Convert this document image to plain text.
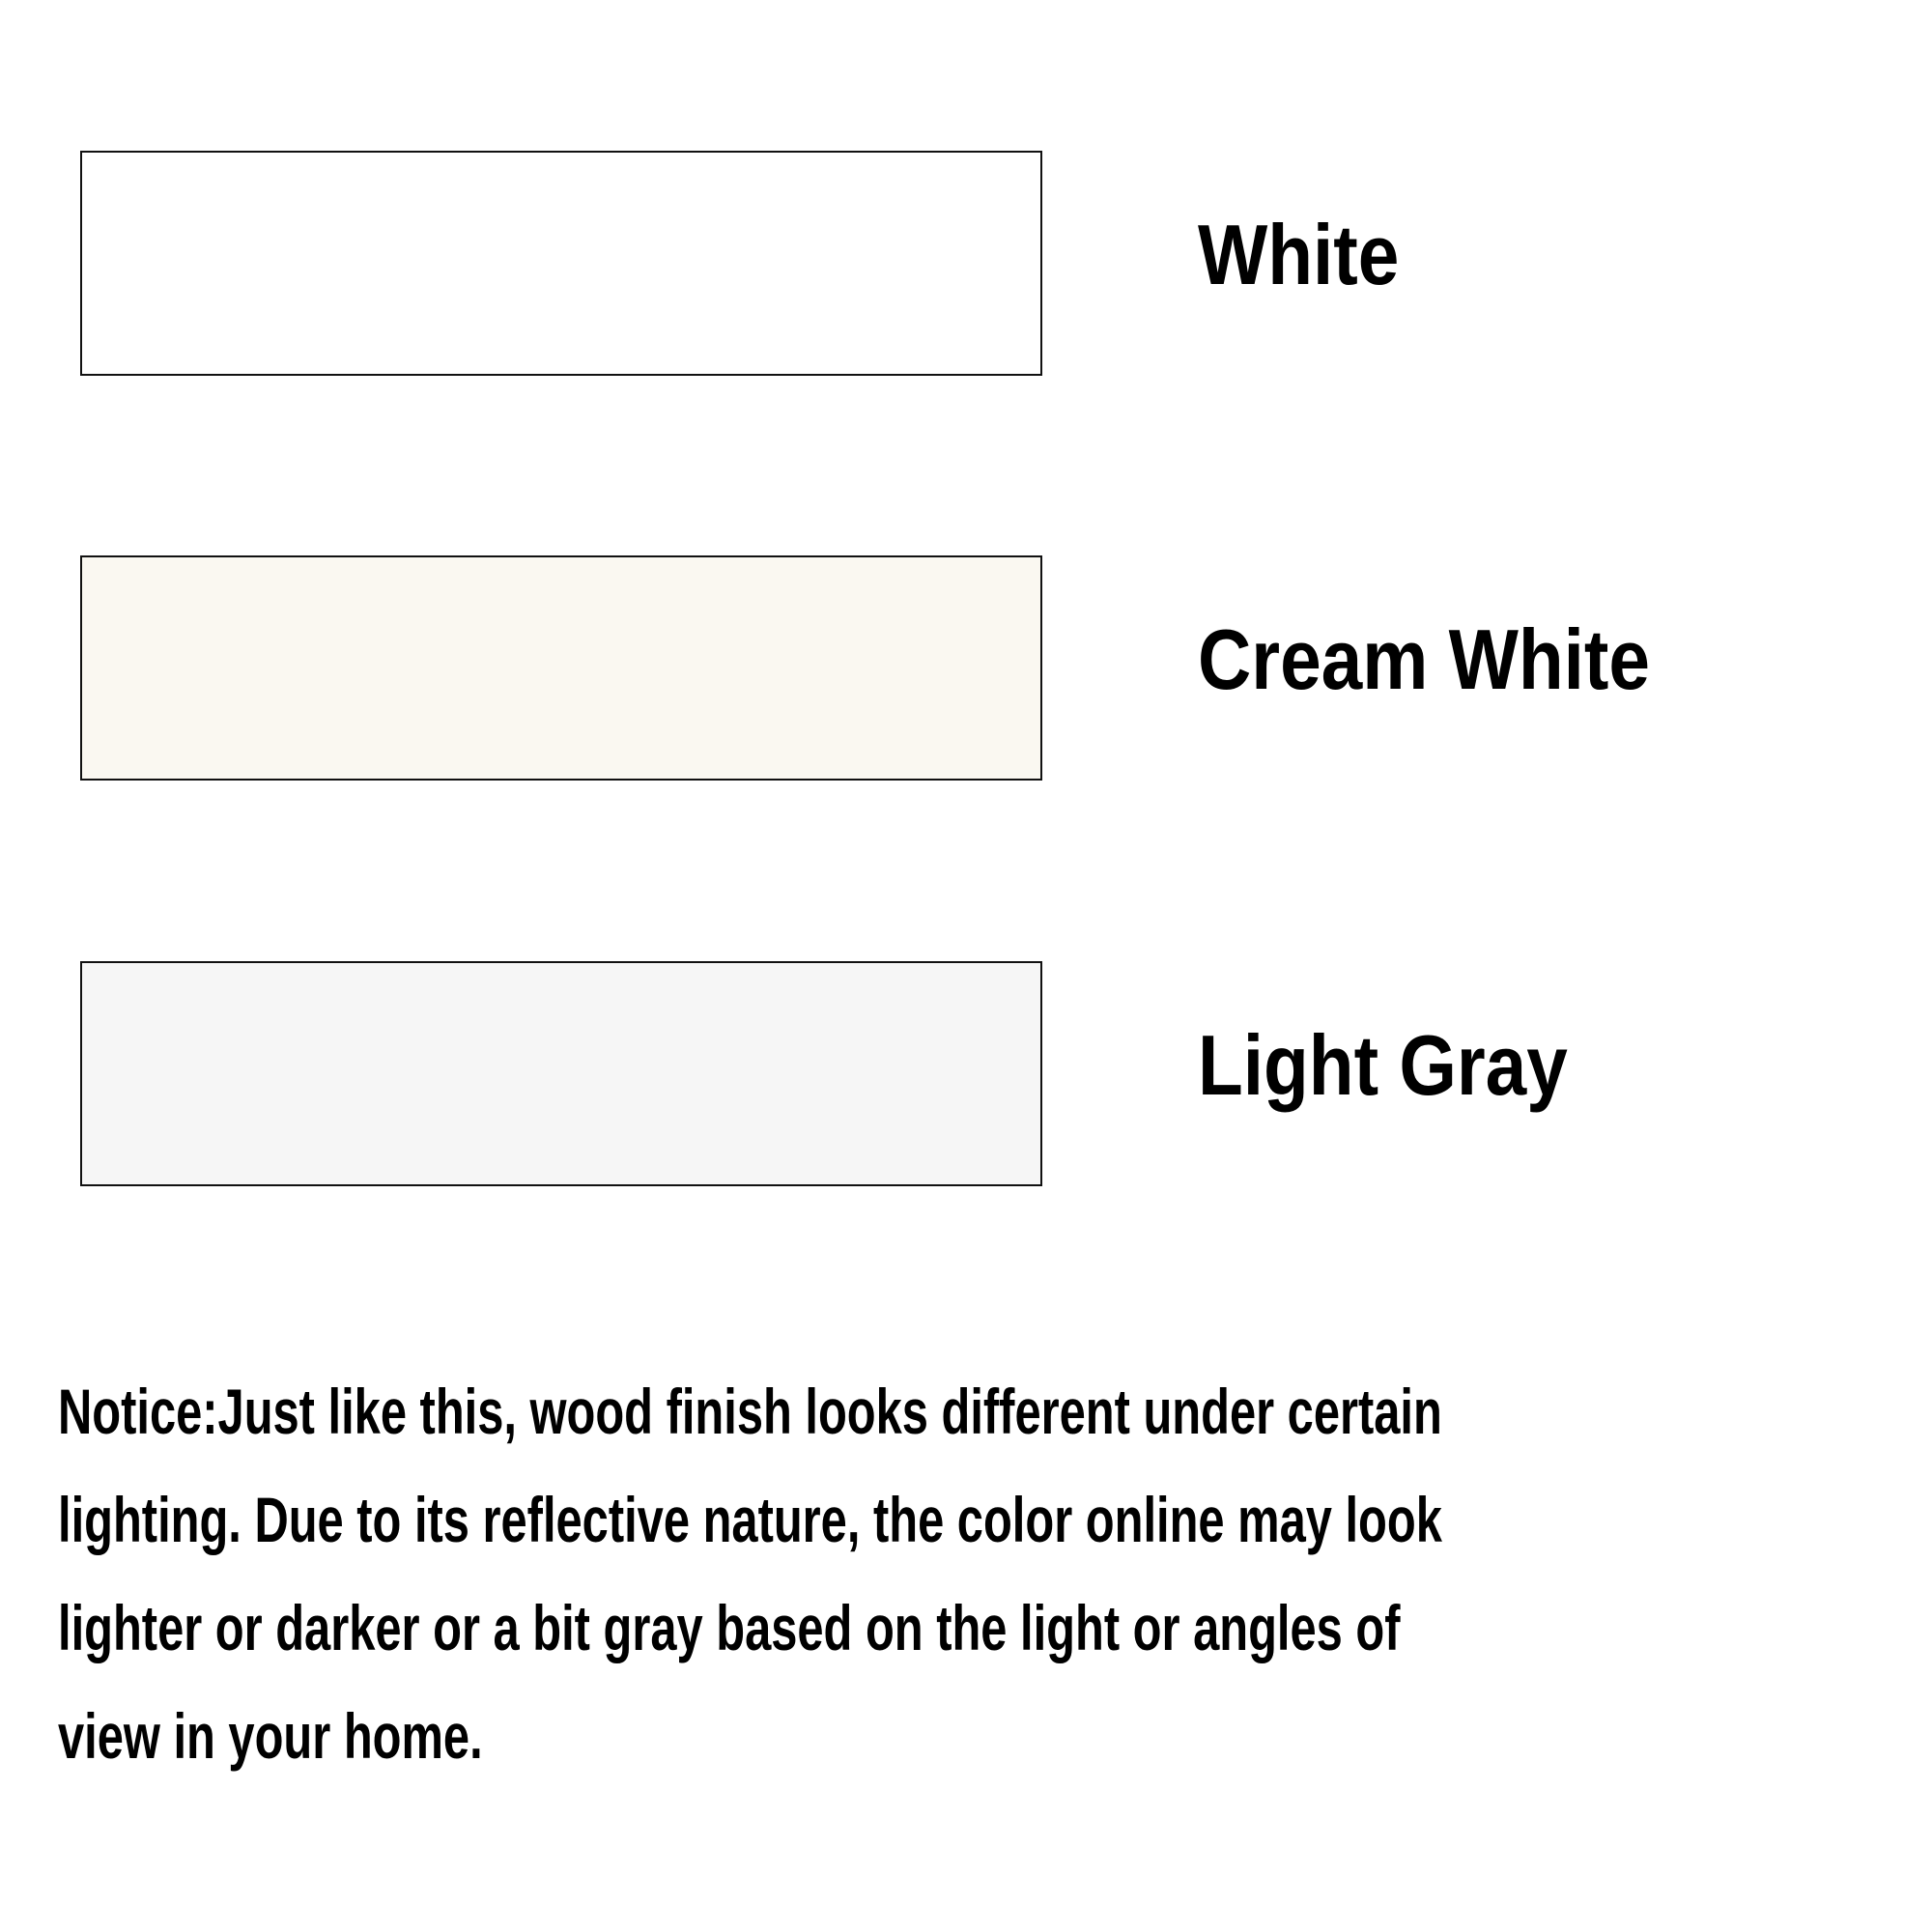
White
Cream White
Light Gray
Notice:Just like this, wood finish looks different under certain
lighting. Due to its reflective nature, the color online may look
lighter or darker or a bit gray based on the light or angles of
view in your home.
